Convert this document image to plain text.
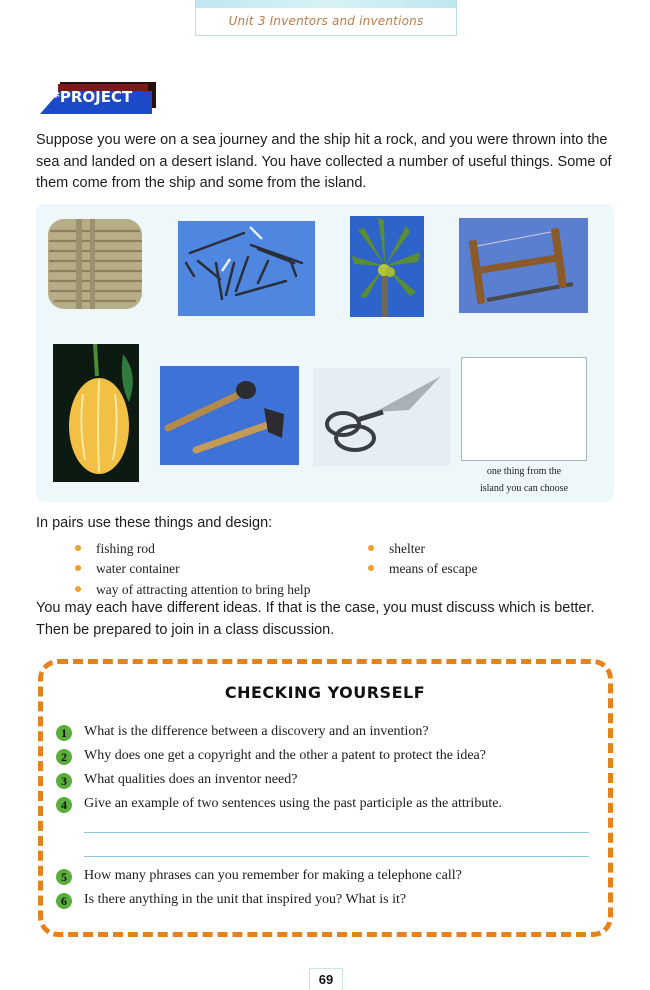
Unit 3 Inventors and inventions
*PROJECT

Suppose you were on a sea journey and the ship hit a rock, and you were thrown into the sea and landed on a desert island. You have collected a number of useful things. Some of them come from the ship and some from the island.

one thing from the
island you can choose

In pairs use these things and design:

fishing rod	shelter
water container	means of escape
way of attracting attention to bring help

You may each have different ideas. If that is the case, you must discuss which is better. Then be prepared to join in a class discussion.

CHECKING YOURSELF
1	What is the difference between a discovery and an invention?
2	Why does one get a copyright and the other a patent to protect the idea?
3	What qualities does an inventor need?
4	Give an example of two sentences using the past participle as the attribute.
5	How many phrases can you remember for making a telephone call?
6	Is there anything in the unit that inspired you? What is it?
69
